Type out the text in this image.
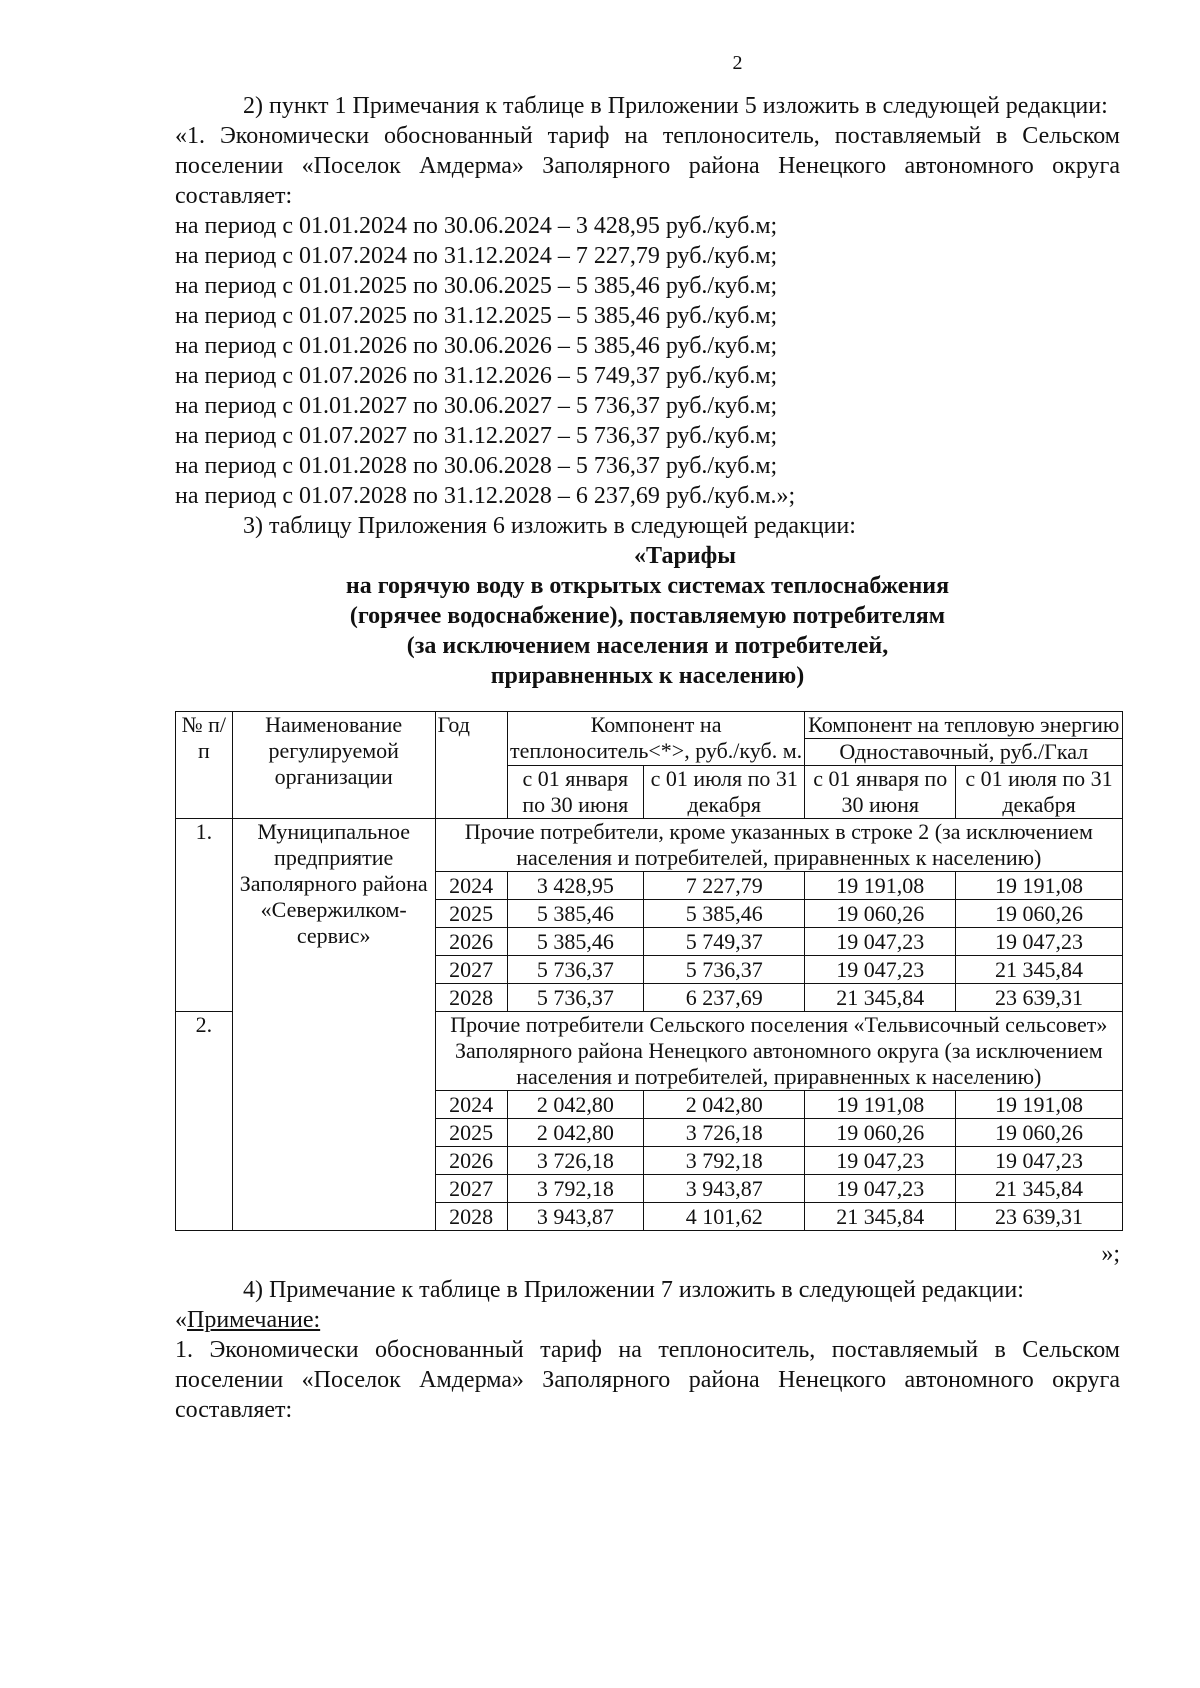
2

2) пункт 1 Примечания к таблице в Приложении 5 изложить в следующей редакции:

«1. Экономически обоснованный тариф на теплоноситель, поставляемый в Сельском поселении «Поселок Амдерма» Заполярного района Ненецкого автономного округа составляет:

на период с 01.01.2024 по 30.06.2024 – 3 428,95 руб./куб.м;

на период с 01.07.2024 по 31.12.2024 – 7 227,79 руб./куб.м;

на период с 01.01.2025 по 30.06.2025 – 5 385,46 руб./куб.м;

на период с 01.07.2025 по 31.12.2025 – 5 385,46 руб./куб.м;

на период с 01.01.2026 по 30.06.2026 – 5 385,46 руб./куб.м;

на период с 01.07.2026 по 31.12.2026 – 5 749,37 руб./куб.м;

на период с 01.01.2027 по 30.06.2027 – 5 736,37 руб./куб.м;

на период с 01.07.2027 по 31.12.2027 – 5 736,37 руб./куб.м;

на период с 01.01.2028 по 30.06.2028 – 5 736,37 руб./куб.м;

на период с 01.07.2028 по 31.12.2028 – 6 237,69 руб./куб.м.»;

3) таблицу Приложения 6 изложить в следующей редакции:

«Тарифы
на горячую воду в открытых системах теплоснабжения
(горячее водоснабжение), поставляемую потребителям
(за исключением населения и потребителей,
приравненных к населению)
№ п/п	Наименование регулируемой организации	Год	Компонент на теплоноситель<*>, руб./куб. м.		Компонент на тепловую энергию	
					Одноставочный, руб./Гкал	
			с 01 января по 30 июня	с 01 июля по 31 декабря	с 01 января по 30 июня	с 01 июля по 31 декабря
1.	Муниципальное предприятие Заполярного района «Севержилком-сервис»	Прочие потребители, кроме указанных в строке 2 (за исключением населения и потребителей, приравненных к населению)				
		2024	3 428,95	7 227,79	19 191,08	19 191,08
		2025	5 385,46	5 385,46	19 060,26	19 060,26
		2026	5 385,46	5 749,37	19 047,23	19 047,23
		2027	5 736,37	5 736,37	19 047,23	21 345,84
		2028	5 736,37	6 237,69	21 345,84	23 639,31
2.		Прочие потребители Сельского поселения «Тельвисочный сельсовет» Заполярного района Ненецкого автономного округа (за исключением населения и потребителей, приравненных к населению)				
		2024	2 042,80	2 042,80	19 191,08	19 191,08
		2025	2 042,80	3 726,18	19 060,26	19 060,26
		2026	3 726,18	3 792,18	19 047,23	19 047,23
		2027	3 792,18	3 943,87	19 047,23	21 345,84
		2028	3 943,87	4 101,62	21 345,84	23 639,31
»;

4) Примечание к таблице в Приложении 7 изложить в следующей редакции:

«Примечание:

1. Экономически обоснованный тариф на теплоноситель, поставляемый в Сельском поселении «Поселок Амдерма» Заполярного района Ненецкого автономного округа составляет:
